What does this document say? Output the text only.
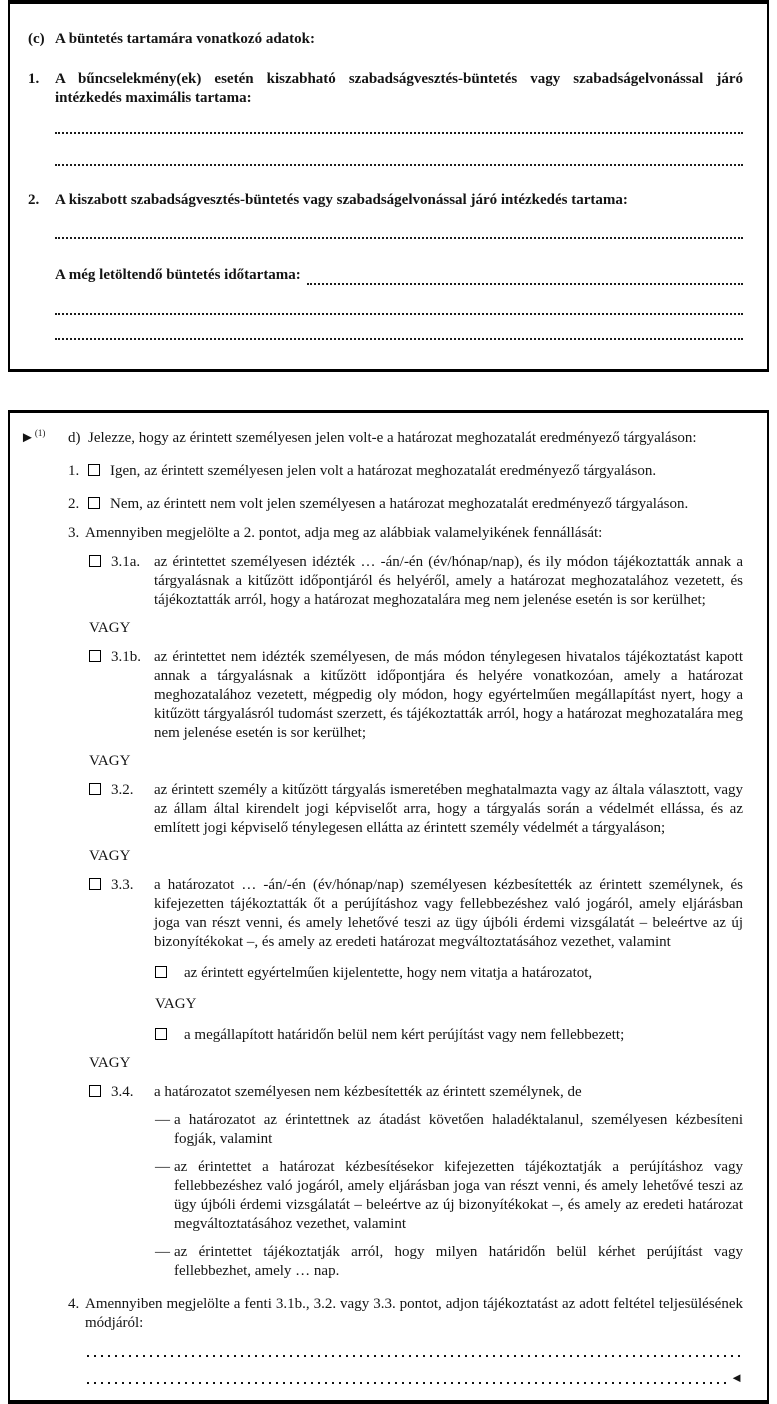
(c) A büntetés tartamára vonatkozó adatok:
1.	A bűncselekmény(ek) esetén kiszabható szabadságvesztés-büntetés vagy szabadságelvonással járó intézkedés maximális tartama:
2.	A kiszabott szabadságvesztés-büntetés vagy szabadságelvonással járó intézkedés tartama:
A még letöltendő büntetés időtartama:
►$^{(1)}$	d) Jelezze, hogy az érintett személyesen jelen volt-e a határozat meghozatalát eredményező tárgyaláson:
1.	Igen, az érintett személyesen jelen volt a határozat meghozatalát eredményező tárgyaláson.
2.	Nem, az érintett nem volt jelen személyesen a határozat meghozatalát eredményező tárgyaláson.
3. Amennyiben megjelölte a 2. pontot, adja meg az alábbiak valamelyikének fennállását:
3.1a. az érintettet személyesen idézték … -án/-én (év/hónap/nap), és ily módon tájékoztatták annak a tárgyalásnak a kitűzött időpontjáról és helyéről, amely a határozat meghozatalához vezetett, és tájékoztatták arról, hogy a határozat meghozatalára meg nem jelenése esetén is sor kerülhet;
VAGY
3.1b. az érintettet nem idézték személyesen, de más módon ténylegesen hivatalos tájékoztatást kapott annak a tárgyalásnak a kitűzött időpontjára és helyére vonatkozóan, amely a határozat meghozatalához vezetett, mégpedig oly módon, hogy egyértelműen megállapítást nyert, hogy a kitűzött tárgyalásról tudomást szerzett, és tájékoztatták arról, hogy a határozat meghozatalára meg nem jelenése esetén is sor kerülhet;
VAGY
3.2.	az érintett személy a kitűzött tárgyalás ismeretében meghatalmazta vagy az általa választott, vagy az állam által kirendelt jogi képviselőt arra, hogy a tárgyalás során a védelmét ellássa, és az említett jogi képviselő ténylegesen ellátta az érintett személy védelmét a tárgyaláson;
VAGY
3.3.	a határozatot … -án/-én (év/hónap/nap) személyesen kézbesítették az érintett személynek, és kifejezetten tájékoztatták őt a perújításhoz vagy fellebbezéshez való jogáról, amely eljárásban joga van részt venni, és amely lehetővé teszi az ügy újbóli érdemi vizsgálatát – beleértve az új bizonyítékokat –, és amely az eredeti határozat megváltoztatásához vezethet, valamint
az érintett egyértelműen kijelentette, hogy nem vitatja a határozatot,
VAGY
a megállapított határidőn belül nem kért perújítást vagy nem fellebbezett;
VAGY
3.4.	a határozatot személyesen nem kézbesítették az érintett személynek, de
— a határozatot az érintettnek az átadást követően haladéktalanul, személyesen kézbesíteni fogják, valamint
— az érintettet a határozat kézbesítésekor kifejezetten tájékoztatják a perújításhoz vagy fellebbezéshez való jogáról, amely eljárásban joga van részt venni, és amely lehetővé teszi az ügy újbóli érdemi vizsgálatát – beleértve az új bizonyítékokat –, és amely az eredeti határozat megváltoztatásához vezethet, valamint
— az érintettet tájékoztatják arról, hogy milyen határidőn belül kérhet perújítást vagy fellebbezhet, amely … nap.
4. Amennyiben megjelölte a fenti 3.1b., 3.2. vagy 3.3. pontot, adjon tájékoztatást az adott feltétel teljesülésének módjáról:
◄
